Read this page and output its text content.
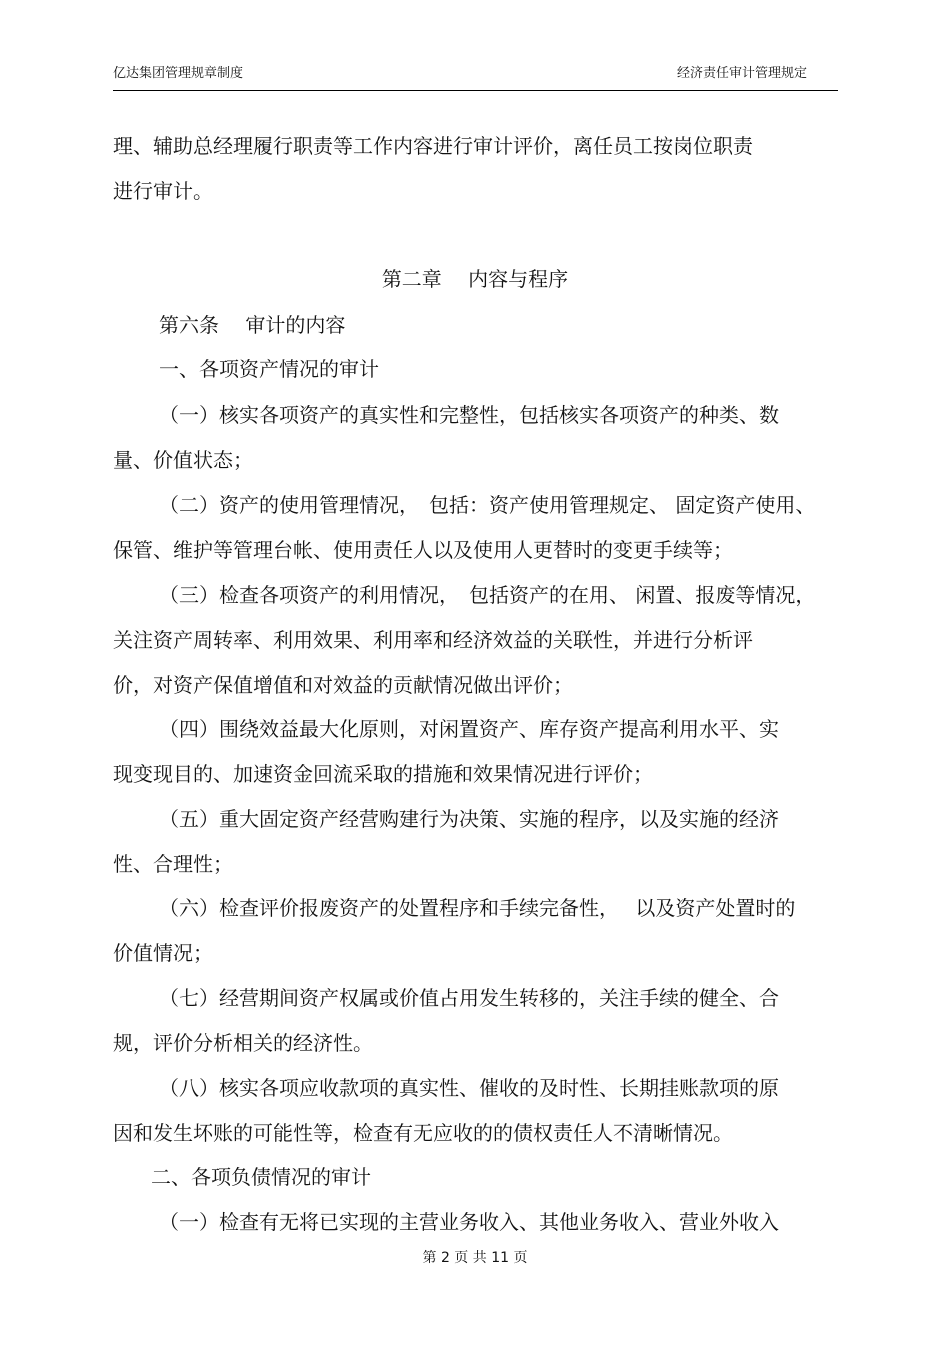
亿达集团管理规章制度	经济责任审计管理规定
理、辅助总经理履行职责等工作内容进行审计评价，离任员工按岗位职责
进行审计。
第二章　 内容与程序
第六条　 审计的内容
一、各项资产情况的审计
（一）核实各项资产的真实性和完整性，包括核实各项资产的种类、数
量、价值状态；
（二）资产的使用管理情况，　包括：资产使用管理规定、 固定资产使用、
保管、维护等管理台帐、使用责任人以及使用人更替时的变更手续等；
（三）检查各项资产的利用情况，　包括资产的在用、 闲置、报废等情况，
关注资产周转率、利用效果、利用率和经济效益的关联性，并进行分析评
价，对资产保值增值和对效益的贡献情况做出评价；
（四）围绕效益最大化原则，对闲置资产、库存资产提高利用水平、实
现变现目的、加速资金回流采取的措施和效果情况进行评价；
（五）重大固定资产经营购建行为决策、实施的程序，以及实施的经济
性、合理性；
（六）检查评价报废资产的处置程序和手续完备性，　 以及资产处置时的
价值情况；
（七）经营期间资产权属或价值占用发生转移的，关注手续的健全、合
规，评价分析相关的经济性。
（八）核实各项应收款项的真实性、催收的及时性、长期挂账款项的原
因和发生坏账的可能性等，检查有无应收的的债权责任人不清晰情况。
二、各项负债情况的审计
（一）检查有无将已实现的主营业务收入、其他业务收入、营业外收入
第 2 页 共 11 页
